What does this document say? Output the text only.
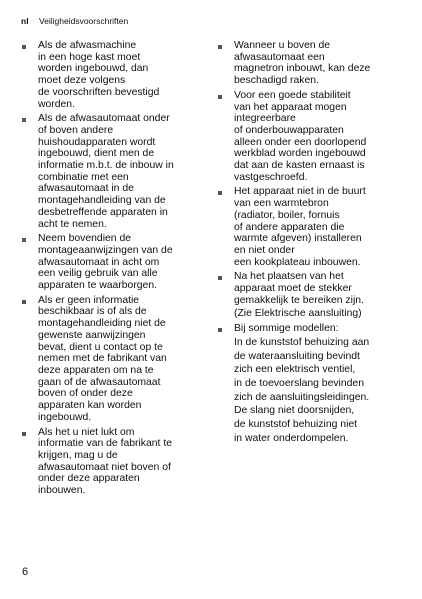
nl Veiligheidsvoorschriften
Als de afwasmachine
in een hoge kast moet
worden ingebouwd, dan
moet deze volgens
de voorschriften bevestigd
worden.
Als de afwasautomaat onder
of boven andere
huishoudapparaten wordt
ingebouwd, dient men de
informatie m.b.t. de inbouw in
combinatie met een
afwasautomaat in de
montagehandleiding van de
desbetreffende apparaten in
acht te nemen.
Neem bovendien de
montageaanwijzingen van de
afwasautomaat in acht om
een veilig gebruik van alle
apparaten te waarborgen.
Als er geen informatie
beschikbaar is of als de
montagehandleiding niet de
gewenste aanwijzingen
bevat, dient u contact op te
nemen met de fabrikant van
deze apparaten om na te
gaan of de afwasautomaat
boven of onder deze
apparaten kan worden
ingebouwd.
Als het u niet lukt om
informatie van de fabrikant te
krijgen, mag u de
afwasautomaat niet boven of
onder deze apparaten
inbouwen.
Wanneer u boven de
afwasautomaat een
magnetron inbouwt, kan deze
beschadigd raken.
Voor een goede stabiliteit
van het apparaat mogen
integreerbare
of onderbouwapparaten
alleen onder een doorlopend
werkblad worden ingebouwd
dat aan de kasten ernaast is
vastgeschroefd.
Het apparaat niet in de buurt
van een warmtebron
(radiator, boiler, fornuis
of andere apparaten die
warmte afgeven) installeren
en niet onder
een kookplateau inbouwen.
Na het plaatsen van het
apparaat moet de stekker
gemakkelijk te bereiken zijn.
(Zie Elektrische aansluiting)
Bij sommige modellen:
In de kunststof behuizing aan
de wateraansluiting bevindt
zich een elektrisch ventiel,
in de toevoerslang bevinden
zich de aansluitingsleidingen.
De slang niet doorsnijden,
de kunststof behuizing niet
in water onderdompelen.
6
